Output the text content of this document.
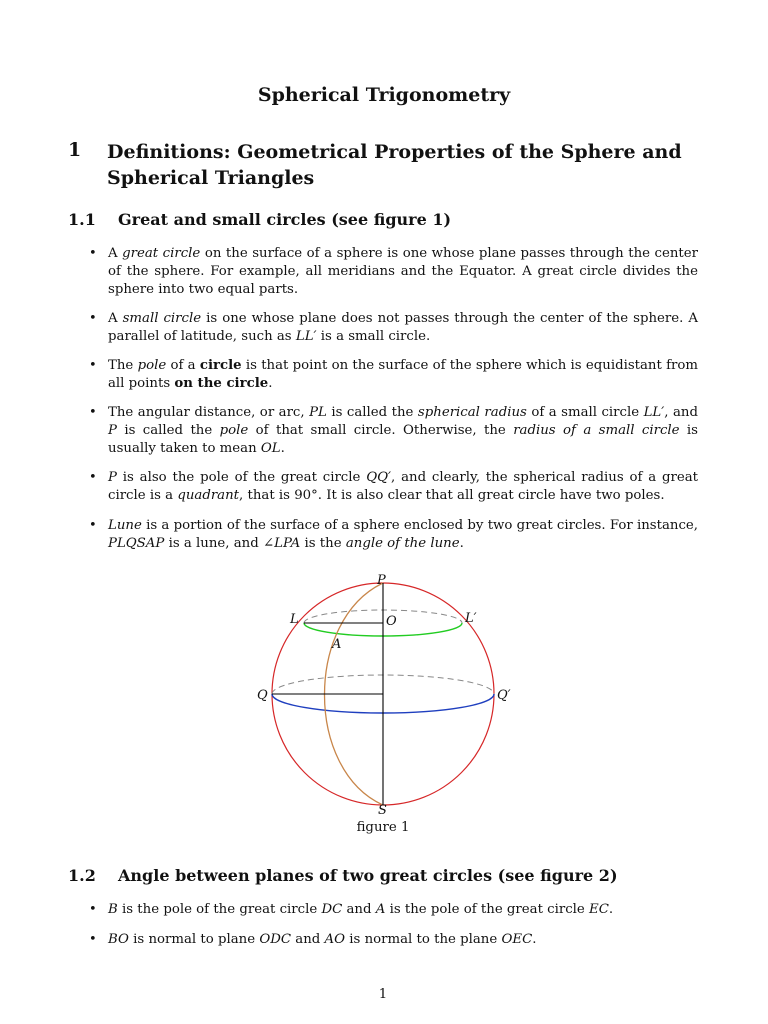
Spherical Trigonometry
1 Definitions: Geometrical Properties of the Sphere and Spherical Triangles
1.1 Great and small circles (see figure 1)
• A great circle on the surface of a sphere is one whose plane passes through the center of the sphere. For example, all meridians and the Equator. A great circle divides the sphere into two equal parts.
• A small circle is one whose plane does not passes through the center of the sphere. A parallel of latitude, such as LL′ is a small circle.
• The pole of a circle is that point on the surface of the sphere which is equidistant from all points on the circle.
• The angular distance, or arc, PL is called the spherical radius of a small circle LL′, and P is called the pole of that small circle. Otherwise, the radius of a small circle is usually taken to mean OL.
• P is also the pole of the great circle QQ′, and clearly, the spherical radius of a great circle is a quadrant, that is 90°. It is also clear that all great circle have two poles.
• Lune is a portion of the surface of a sphere enclosed by two great circles. For instance, PLQSAP is a lune, and ∠LPA is the angle of the lune.
P
L	L′
O
A
Q	Q′
S
figure 1
1.2 Angle between planes of two great circles (see figure 2)
• B is the pole of the great circle DC and A is the pole of the great circle EC.
• BO is normal to plane ODC and AO is normal to the plane OEC.
1
